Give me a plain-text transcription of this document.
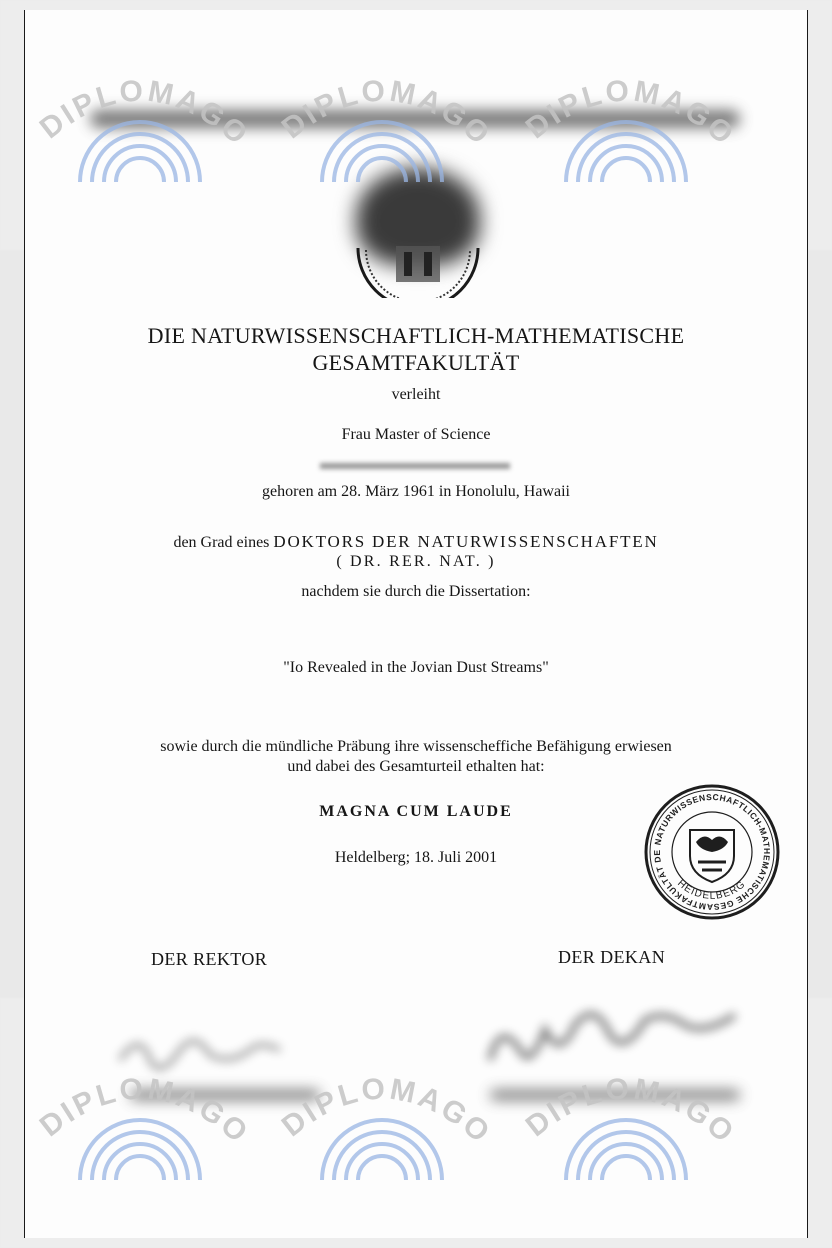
DIE NATURWISSENSCHAFTLICH-MATHEMATISCHE
GESAMTFAKULTÄT
verleiht
Frau Master of Science
gehoren am 28. März 1961 in Honolulu, Hawaii
den Grad eines DOKTORS DER NATURWISSENSCHAFTEN
( DR. RER. NAT. )
nachdem sie durch die Dissertation:
"Io Revealed in the Jovian Dust Streams"
sowie durch die mündliche Präbung ihre wissenscheffiche Befähigung erwiesen
und dabei des Gesamturteil ethalten hat:
MAGNA CUM LAUDE
Heldelberg; 18. Juli 2001
DER REKTOR	DER DEKAN
NATURWISSENSCHAFTLICH-MATHEMATISCHE GESAMTFAKULTÄT DE
HEIDELBERG
DIPLOMAGO DIPLOMAGO DIPLOMAGO
DIPLOMAGO DIPLOMAGO DIPLOMAGO
